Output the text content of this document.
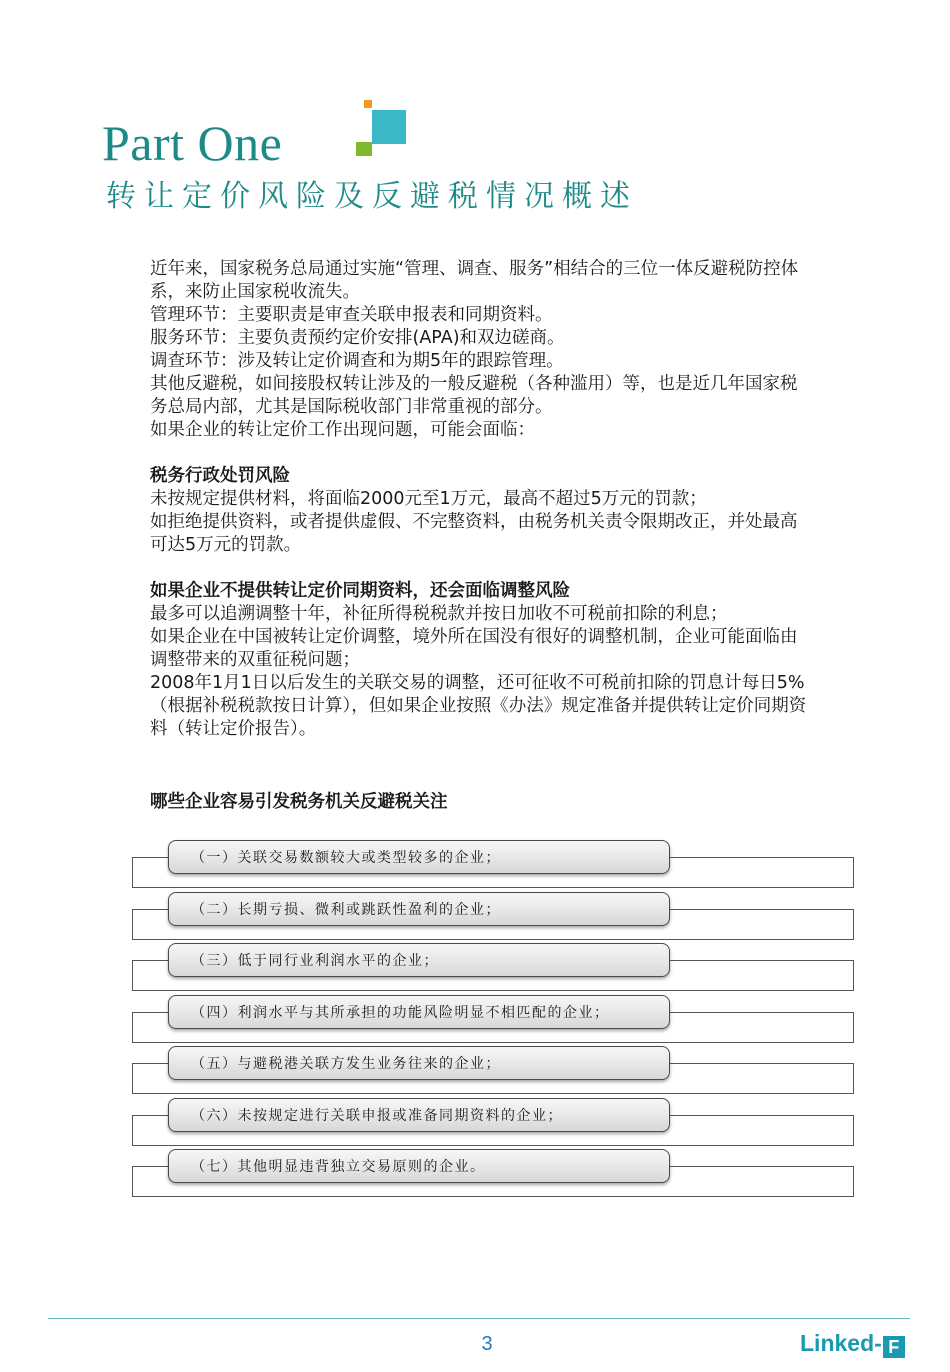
Part One
转让定价风险及反避税情况概述

近年来，国家税务总局通过实施“管理、调查、服务”相结合的三位一体反避税防控体系，来防止国家税收流失。

管理环节：主要职责是审查关联申报表和同期资料。

服务环节：主要负责预约定价安排(APA)和双边磋商。

调查环节：涉及转让定价调查和为期5年的跟踪管理。

其他反避税，如间接股权转让涉及的一般反避税（各种滥用）等，也是近几年国家税务总局内部，尤其是国际税收部门非常重视的部分。

如果企业的转让定价工作出现问题，可能会面临：

税务行政处罚风险

未按规定提供材料，将面临2000元至1万元，最高不超过5万元的罚款；

如拒绝提供资料，或者提供虚假、不完整资料，由税务机关责令限期改正，并处最高可达5万元的罚款。

如果企业不提供转让定价同期资料，还会面临调整风险

最多可以追溯调整十年，补征所得税税款并按日加收不可税前扣除的利息；

如果企业在中国被转让定价调整，境外所在国没有很好的调整机制，企业可能面临由调整带来的双重征税问题；

2008年1月1日以后发生的关联交易的调整，还可征收不可税前扣除的罚息计每日5%（根据补税税款按日计算），但如果企业按照《办法》规定准备并提供转让定价同期资料（转让定价报告）。

哪些企业容易引发税务机关反避税关注
（一）关联交易数额较大或类型较多的企业；
（二）长期亏损、微利或跳跃性盈利的企业；
（三）低于同行业利润水平的企业；
（四）利润水平与其所承担的功能风险明显不相匹配的企业；
（五）与避税港关联方发生业务往来的企业；
（六）未按规定进行关联申报或准备同期资料的企业；
（七）其他明显违背独立交易原则的企业。
3	Linked- F
